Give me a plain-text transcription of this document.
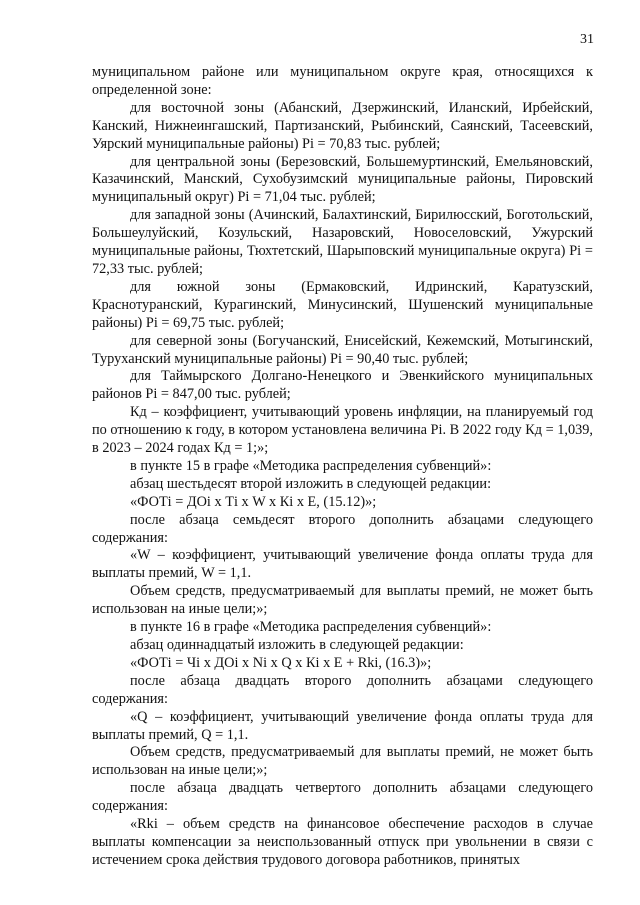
31

муниципальном районе или муниципальном округе края, относящихся к определенной зоне:

для восточной зоны (Абанский, Дзержинский, Иланский, Ирбейский, Канский, Нижнеингашский, Партизанский, Рыбинский, Саянский, Тасеевский, Уярский муниципальные районы) Pi = 70,83 тыс. рублей;

для центральной зоны (Березовский, Большемуртинский, Емельяновский, Казачинский, Манский, Сухобузимский муниципальные районы, Пировский муниципальный округ) Pi = 71,04 тыс. рублей;

для западной зоны (Ачинский, Балахтинский, Бирилюсский, Боготольский, Большеулуйский, Козульский, Назаровский, Новоселовский, Ужурский муниципальные районы, Тюхтетский, Шарыповский муниципальные округа) Pi = 72,33 тыс. рублей;

для южной зоны (Ермаковский, Идринский, Каратузский, Краснотуранский, Курагинский, Минусинский, Шушенский муниципальные районы) Pi = 69,75 тыс. рублей;

для северной зоны (Богучанский, Енисейский, Кежемский, Мотыгинский, Туруханский муниципальные районы) Pi = 90,40 тыс. рублей;

для Таймырского Долгано-Ненецкого и Эвенкийского муниципальных районов Pi = 847,00 тыс. рублей;

Кд – коэффициент, учитывающий уровень инфляции, на планируемый год по отношению к году, в котором установлена величина Pi. В 2022 году Кд = 1,039, в 2023 – 2024 годах Кд = 1;»;

в пункте 15 в графе «Методика распределения субвенций»:

абзац шестьдесят второй изложить в следующей редакции:

«ФОТi = ДОi х Тi х W х Кi х Е, (15.12)»;

после абзаца семьдесят второго дополнить абзацами следующего содержания:

«W – коэффициент, учитывающий увеличение фонда оплаты труда для выплаты премий, W = 1,1.

Объем средств, предусматриваемый для выплаты премий, не может быть использован на иные цели;»;

в пункте 16 в графе «Методика распределения субвенций»:

абзац одиннадцатый изложить в следующей редакции:

«ФОТi = Чi х ДОi х Ni х Q х Кi х Е + Rki, (16.3)»;

после абзаца двадцать второго дополнить абзацами следующего содержания:

«Q – коэффициент, учитывающий увеличение фонда оплаты труда для выплаты премий, Q = 1,1.

Объем средств, предусматриваемый для выплаты премий, не может быть использован на иные цели;»;

после абзаца двадцать четвертого дополнить абзацами следующего содержания:

«Rki – объем средств на финансовое обеспечение расходов в случае выплаты компенсации за неиспользованный отпуск при увольнении в связи с истечением срока действия трудового договора работников, принятых
